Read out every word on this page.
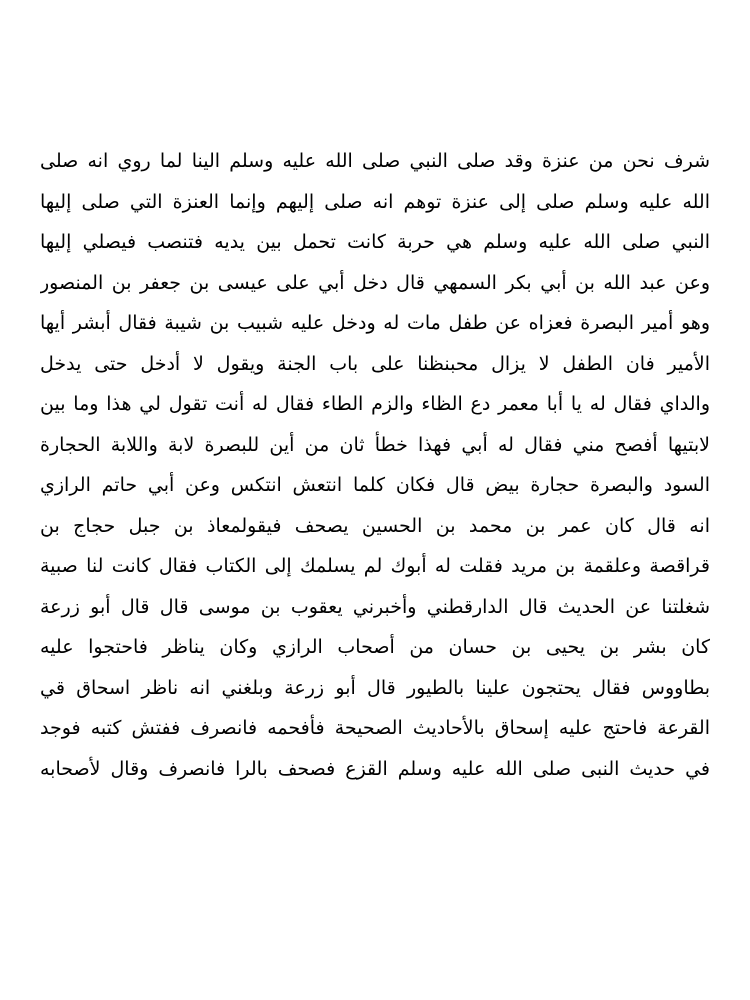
شرف نحن من عنزة وقد صلى النبي صلى الله عليه وسلم الينا لما روي انه صلى
الله عليه وسلم صلى إلى عنزة توهم انه صلى إليهم وإنما العنزة التي صلى إليها
النبي صلى الله عليه وسلم هي حربة كانت تحمل بين يديه فتنصب فيصلي إليها
وعن عبد الله بن أبي بكر السمهي قال دخل أبي على عيسى بن جعفر بن المنصور
وهو أمير البصرة فعزاه عن طفل مات له ودخل عليه شبيب بن شيبة فقال أبشر أيها
الأمير فان الطفل لا يزال محبنظنا على باب الجنة ويقول لا أدخل حتى يدخل
والداي فقال له يا أبا معمر دع الظاء والزم الطاء فقال له أنت تقول لي هذا وما بين
لابتيها أفصح مني فقال له أبي فهذا خطأ ثان من أين للبصرة لابة واللابة الحجارة
السود والبصرة حجارة بيض قال فكان كلما انتعش انتكس وعن أبي حاتم الرازي
انه قال كان عمر بن محمد بن الحسين يصحف فيقولمعاذ بن جبل حجاج بن
قراقصة وعلقمة بن مريد فقلت له أبوك لم يسلمك إلى الكتاب فقال كانت لنا صبية
شغلتنا عن الحديث قال الدارقطني وأخبرني يعقوب بن موسى قال قال أبو زرعة
كان بشر بن يحيى بن حسان من أصحاب الرازي وكان يناظر فاحتجوا عليه
بطاووس فقال يحتجون علينا بالطيور قال أبو زرعة وبلغني انه ناظر اسحاق قي
القرعة فاحتج عليه إسحاق بالأحاديث الصحيحة فأفحمه فانصرف ففتش كتبه فوجد
في حديث النبى صلى الله عليه وسلم القزع فصحف بالرا فانصرف وقال لأصحابه
